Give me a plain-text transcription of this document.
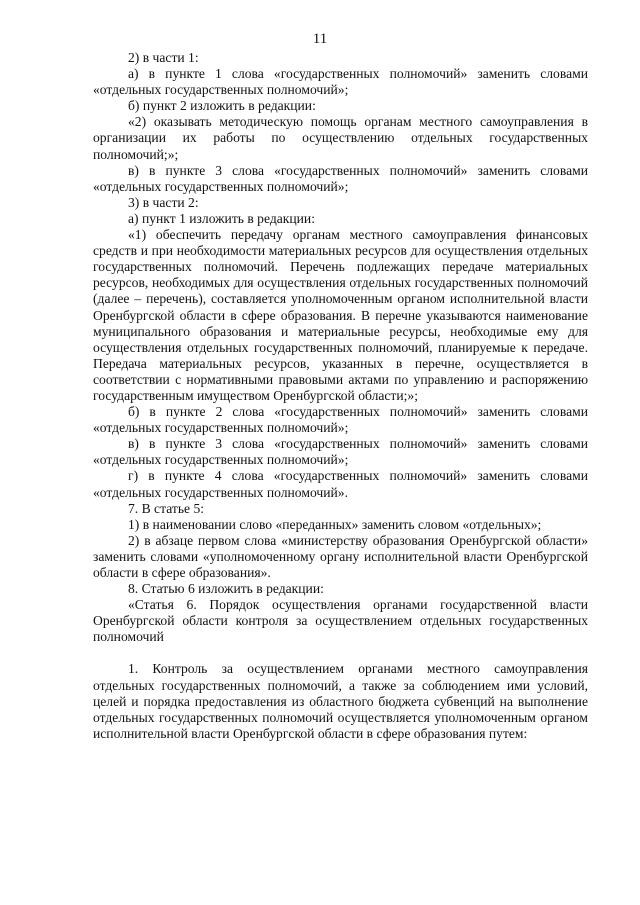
11

2) в части 1:

а) в пункте 1 слова «государственных полномочий» заменить словами «отдельных государственных полномочий»;

б) пункт 2 изложить в редакции:

«2) оказывать методическую помощь органам местного самоуправления в организации их работы по осуществлению отдельных государственных полномочий;»;

в) в пункте 3 слова «государственных полномочий» заменить словами «отдельных государственных полномочий»;

3) в части 2:

а) пункт 1 изложить в редакции:

«1) обеспечить передачу органам местного самоуправления финансовых средств и при необходимости материальных ресурсов для осуществления отдельных государственных полномочий. Перечень подлежащих передаче материальных ресурсов, необходимых для осуществления отдельных государственных полномочий (далее – перечень), составляется уполномоченным органом исполнительной власти Оренбургской области в сфере образования. В перечне указываются наименование муниципального образования и материальные ресурсы, необходимые ему для осуществления отдельных государственных полномочий, планируемые к передаче. Передача материальных ресурсов, указанных в перечне, осуществляется в соответствии с нормативными правовыми актами по управлению и распоряжению государственным имуществом Оренбургской области;»;

б) в пункте 2 слова «государственных полномочий» заменить словами «отдельных государственных полномочий»;

в) в пункте 3 слова «государственных полномочий» заменить словами «отдельных государственных полномочий»;

г) в пункте 4 слова «государственных полномочий» заменить словами «отдельных государственных полномочий».

7. В статье 5:

1) в наименовании слово «переданных» заменить словом «отдельных»;

2) в абзаце первом слова «министерству образования Оренбургской области» заменить словами «уполномоченному органу исполнительной власти Оренбургской области в сфере образования».

8. Статью 6 изложить в редакции:

«Статья 6. Порядок осуществления органами государственной власти Оренбургской области контроля за осуществлением отдельных государственных полномочий

1. Контроль за осуществлением органами местного самоуправления отдельных государственных полномочий, а также за соблюдением ими условий, целей и порядка предоставления из областного бюджета субвенций на выполнение отдельных государственных полномочий осуществляется уполномоченным органом исполнительной власти Оренбургской области в сфере образования путем:
